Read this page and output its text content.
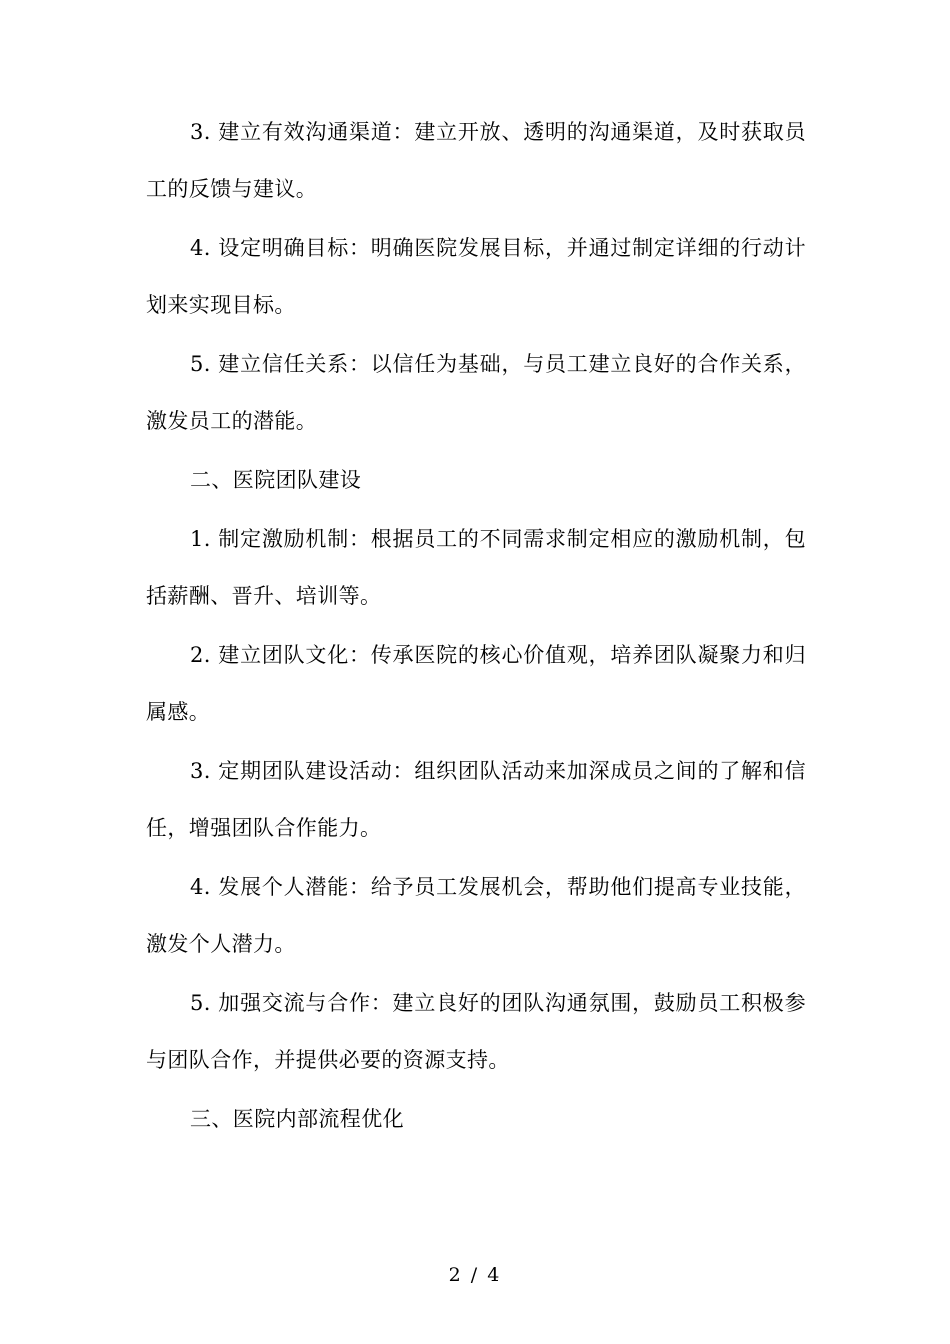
3. 建立有效沟通渠道：建立开放、透明的沟通渠道，及时获取员工的反馈与建议。

4. 设定明确目标：明确医院发展目标，并通过制定详细的行动计划来实现目标。

5. 建立信任关系：以信任为基础，与员工建立良好的合作关系，激发员工的潜能。

二、医院团队建设

1. 制定激励机制：根据员工的不同需求制定相应的激励机制，包括薪酬、晋升、培训等。

2. 建立团队文化：传承医院的核心价值观，培养团队凝聚力和归属感。

3. 定期团队建设活动：组织团队活动来加深成员之间的了解和信任，增强团队合作能力。

4. 发展个人潜能：给予员工发展机会，帮助他们提高专业技能，激发个人潜力。

5. 加强交流与合作：建立良好的团队沟通氛围，鼓励员工积极参与团队合作，并提供必要的资源支持。

三、医院内部流程优化

2 / 4
